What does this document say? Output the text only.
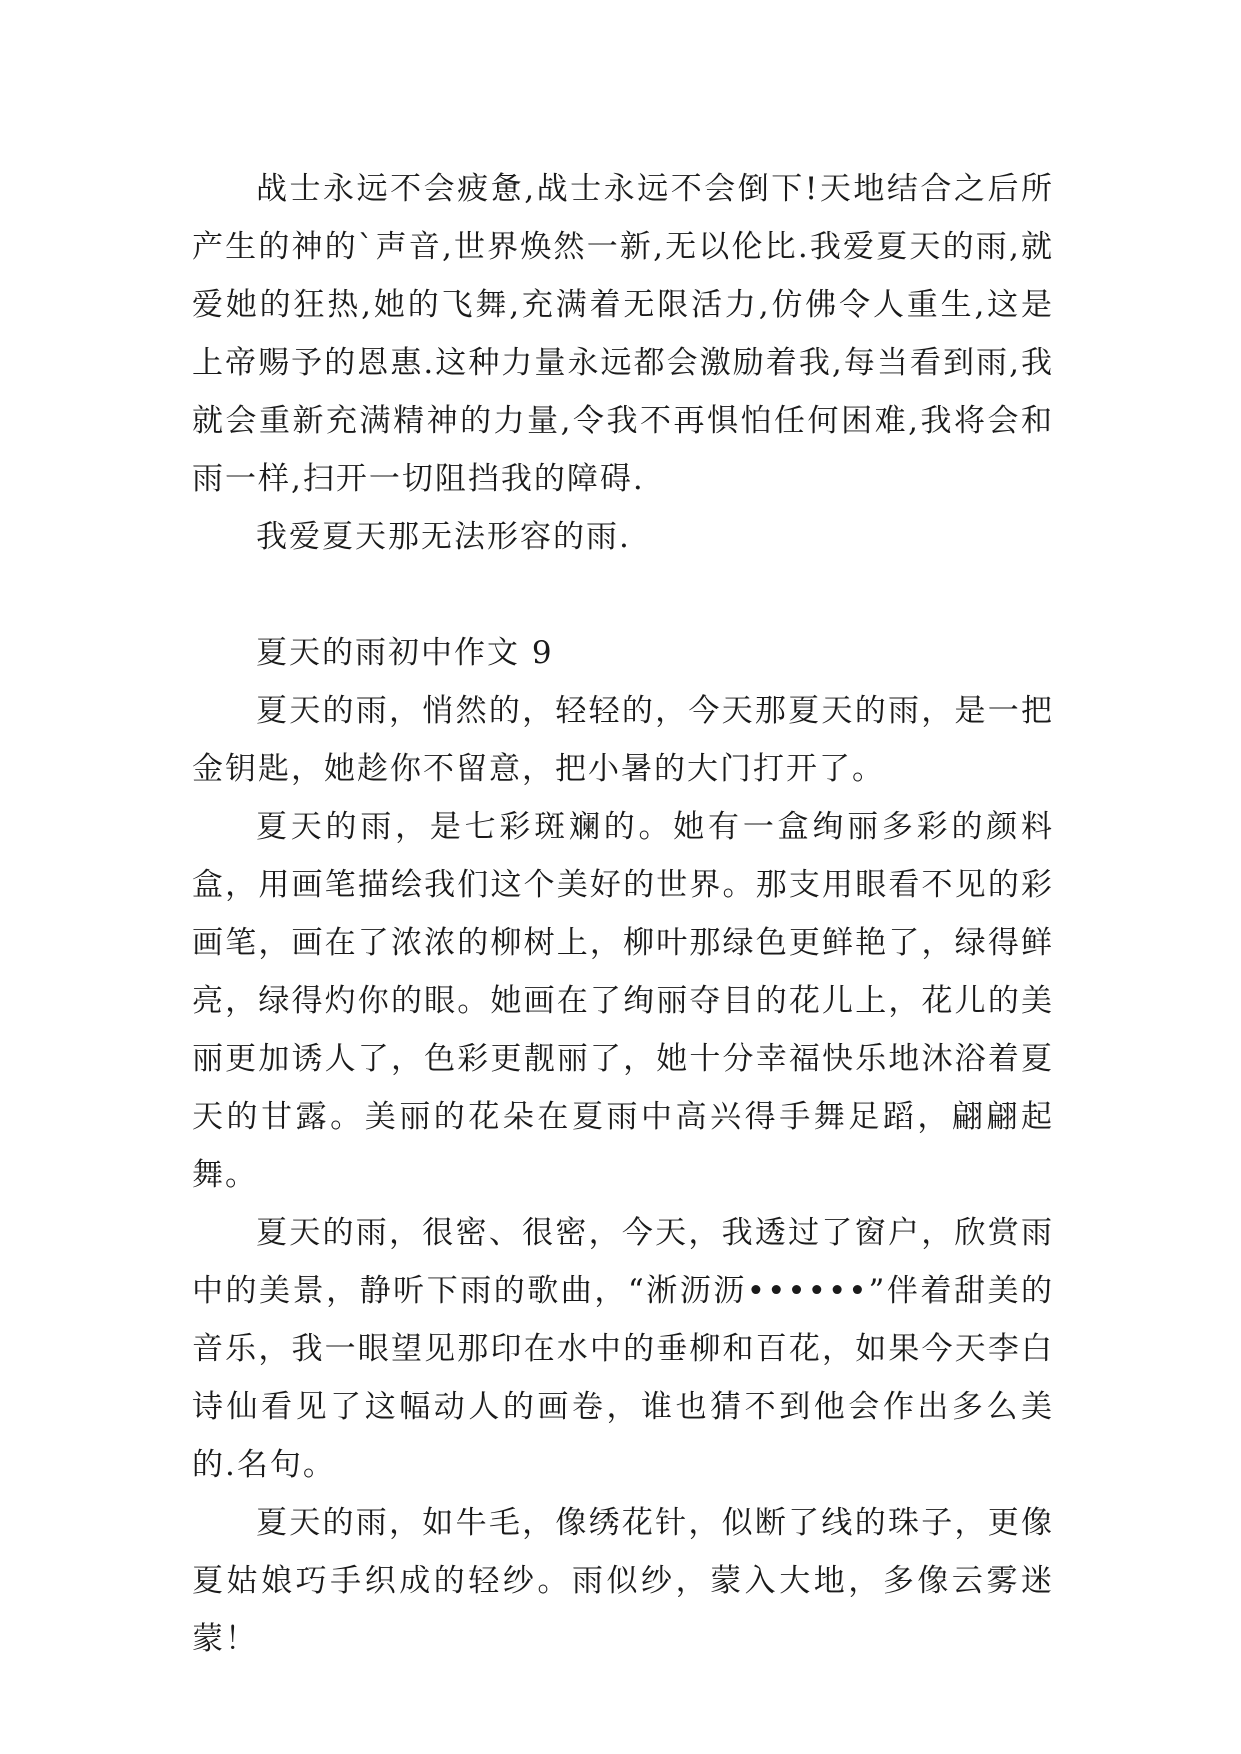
战士永远不会疲惫,战士永远不会倒下!天地结合之后所产生的神的`声音,世界焕然一新,无以伦比.我爱夏天的雨,就爱她的狂热,她的飞舞,充满着无限活力,仿佛令人重生,这是上帝赐予的恩惠.这种力量永远都会激励着我,每当看到雨,我就会重新充满精神的力量,令我不再惧怕任何困难,我将会和雨一样,扫开一切阻挡我的障碍.

我爱夏天那无法形容的雨.

夏天的雨初中作文 9

夏天的雨，悄然的，轻轻的，今天那夏天的雨，是一把金钥匙，她趁你不留意，把小暑的大门打开了。

夏天的雨，是七彩斑斓的。她有一盒绚丽多彩的颜料盒，用画笔描绘我们这个美好的世界。那支用眼看不见的彩画笔，画在了浓浓的柳树上，柳叶那绿色更鲜艳了，绿得鲜亮，绿得灼你的眼。她画在了绚丽夺目的花儿上，花儿的美丽更加诱人了，色彩更靓丽了，她十分幸福快乐地沐浴着夏天的甘露。美丽的花朵在夏雨中高兴得手舞足蹈，翩翩起舞。

夏天的雨，很密、很密，今天，我透过了窗户，欣赏雨中的美景，静听下雨的歌曲，“淅沥沥••••••”伴着甜美的音乐，我一眼望见那印在水中的垂柳和百花，如果今天李白诗仙看见了这幅动人的画卷，谁也猜不到他会作出多么美的.名句。

夏天的雨，如牛毛，像绣花针，似断了线的珠子，更像夏姑娘巧手织成的轻纱。雨似纱，蒙入大地，多像云雾迷蒙！
